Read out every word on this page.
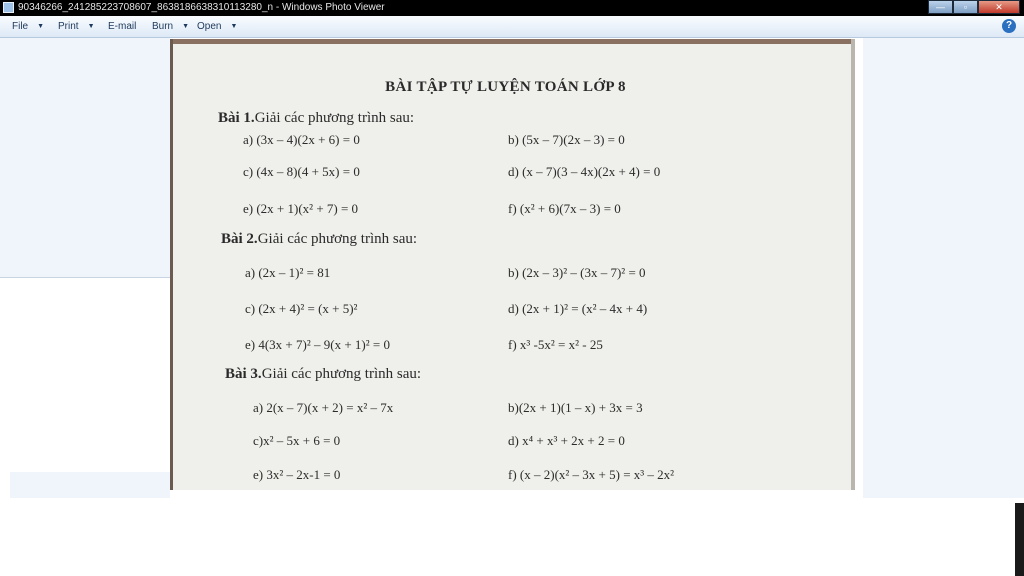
90346266_241285223708607_8638186638310113280_n - Windows Photo Viewer	—	▫	✕
File ▼ Print ▼ E-mail Burn ▼ Open ▼	?
BÀI TẬP TỰ LUYỆN TOÁN LỚP 8
Bài 1.Giải các phương trình sau:
a) (3x – 4)(2x + 6) = 0	b) (5x – 7)(2x – 3) = 0
c) (4x – 8)(4 + 5x) = 0	d) (x – 7)(3 – 4x)(2x + 4) = 0
e) (2x + 1)(x² + 7) = 0	f) (x² + 6)(7x – 3) = 0
Bài 2.Giải các phương trình sau:
a) (2x – 1)² = 81	b) (2x – 3)² – (3x – 7)² = 0
c) (2x + 4)² = (x + 5)²	d) (2x + 1)² = (x² – 4x + 4)
e) 4(3x + 7)² – 9(x + 1)² = 0	f) x³ -5x² = x² - 25
Bài 3.Giải các phương trình sau:
a) 2(x – 7)(x + 2) = x² – 7x	b)(2x + 1)(1 – x) + 3x = 3
c)x² – 5x + 6 = 0	d) x⁴ + x³ + 2x + 2 = 0
e) 3x² – 2x-1 = 0	f) (x – 2)(x² – 3x + 5) = x³ – 2x²
